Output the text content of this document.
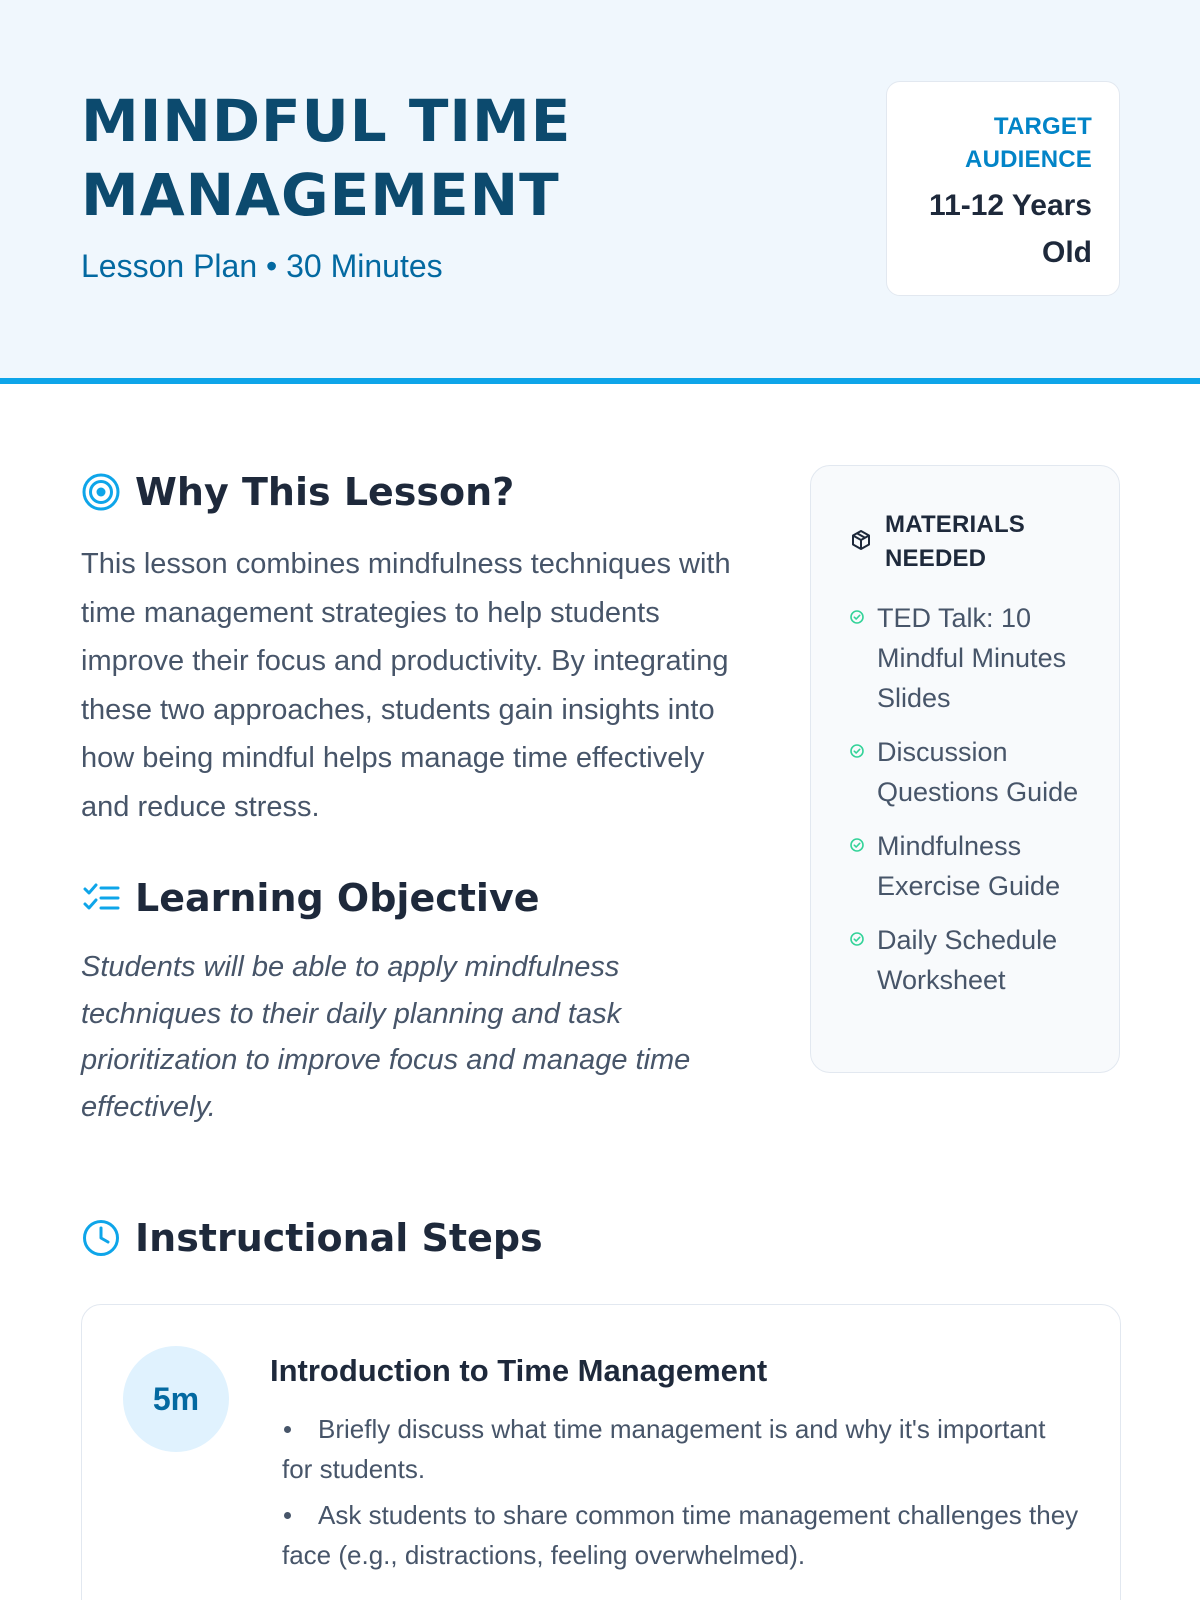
MINDFUL TIME MANAGEMENT
Lesson Plan • 30 Minutes
TARGET AUDIENCE
11-12 Years Old
Why This Lesson?
This lesson combines mindfulness techniques with time management strategies to help students improve their focus and productivity. By integrating these two approaches, students gain insights into how being mindful helps manage time effectively and reduce stress.
Learning Objective
Students will be able to apply mindfulness techniques to their daily planning and task prioritization to improve focus and manage time effectively.
MATERIALS NEEDED
TED Talk: 10 Mindful Minutes Slides
Discussion Questions Guide
Mindfulness Exercise Guide
Daily Schedule Worksheet
Instructional Steps
5m
Introduction to Time Management
Briefly discuss what time management is and why it's important for students.
Ask students to share common time management challenges they face (e.g., distractions, feeling overwhelmed).
